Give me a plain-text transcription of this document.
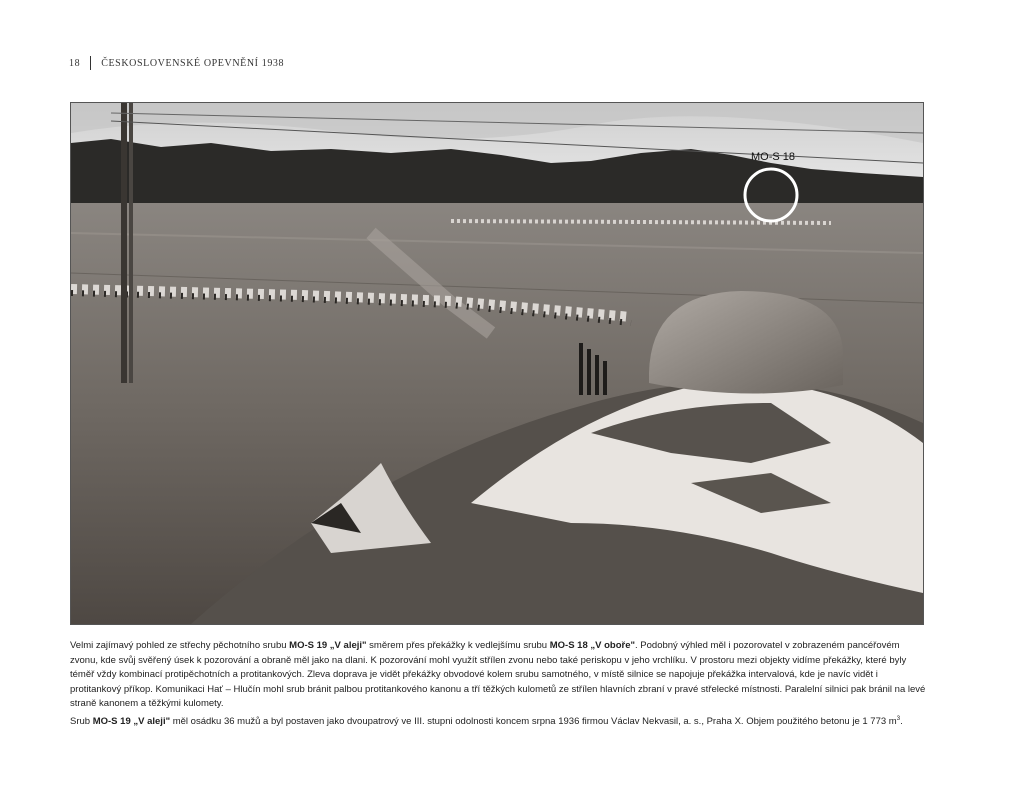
18 ČESKOSLOVENSKÉ OPEVNĚNÍ 1938
MO-S 18

Velmi zajímavý pohled ze střechy pěchotního srubu MO-S 19 „V aleji" směrem přes překážky k vedlejšímu srubu MO-S 18 „V oboře". Podobný výhled měl i pozorovatel v zobrazeném pancéřovém zvonu, kde svůj svěřený úsek k pozorování a obraně měl jako na dlani. K pozorování mohl využít střílen zvonu nebo také periskopu v jeho vrchlíku. V prostoru mezi objekty vidíme překážky, které byly téměř vždy kombinací protipěchotních a protitankových. Zleva doprava je vidět překážky obvodové kolem srubu samotného, v místě silnice se napojuje překážka intervalová, kde je navíc vidět i protitankový příkop. Komunikaci Hať – Hlučín mohl srub bránit palbou protitankového kanonu a tří těžkých kulometů ze střílen hlavních zbraní v pravé střelecké místnosti. Paralelní silnici pak bránil na levé straně kanonem a těžkými kulomety.

Srub MO-S 19 „V aleji" měl osádku 36 mužů a byl postaven jako dvoupatrový ve III. stupni odolnosti koncem srpna 1936 firmou Václav Nekvasil, a. s., Praha X. Objem použitého betonu je 1 773 $m^3$.
